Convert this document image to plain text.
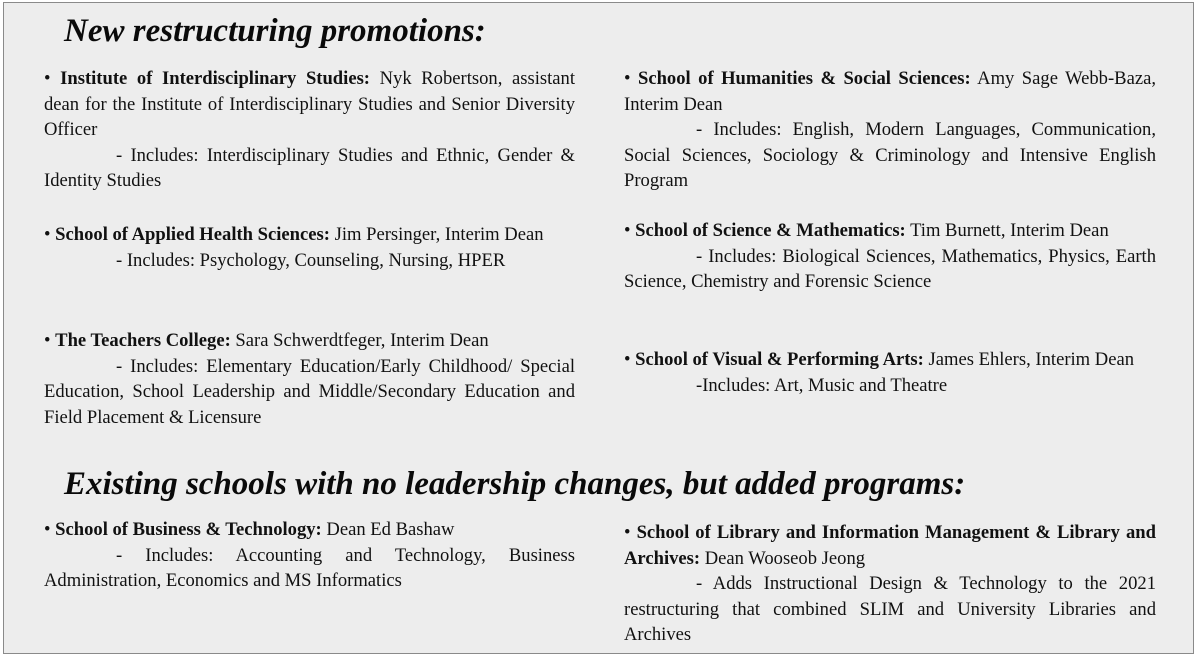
New restructuring promotions:

• Institute of Interdisciplinary Studies: Nyk Robertson, assistant dean for the Institute of Interdisciplinary Studies and Senior Diversity Officer

- Includes: Interdisciplinary Studies and Ethnic, Gender & Identity Studies

• School of Applied Health Sciences: Jim Persinger, Interim Dean

- Includes: Psychology, Counseling, Nursing, HPER

• The Teachers College: Sara Schwerdtfeger, Interim Dean

- Includes: Elementary Education/Early Childhood/ Special Education, School Leadership and Middle/Secondary Education and Field Placement & Licensure

• School of Humanities & Social Sciences: Amy Sage Webb-Baza, Interim Dean

- Includes: English, Modern Languages, Communication, Social Sciences, Sociology & Criminology and Intensive English Program

• School of Science & Mathematics: Tim Burnett, Interim Dean

- Includes: Biological Sciences, Mathematics, Physics, Earth Science, Chemistry and Forensic Science

• School of Visual & Performing Arts: James Ehlers, Interim Dean

-Includes: Art, Music and Theatre

Existing schools with no leadership changes, but added programs:

• School of Business & Technology: Dean Ed Bashaw

- Includes: Accounting and Technology, Business Administration, Economics and MS Informatics

• School of Library and Information Management & Library and Archives: Dean Wooseob Jeong

- Adds Instructional Design & Technology to the 2021 restructuring that combined SLIM and University Libraries and Archives
